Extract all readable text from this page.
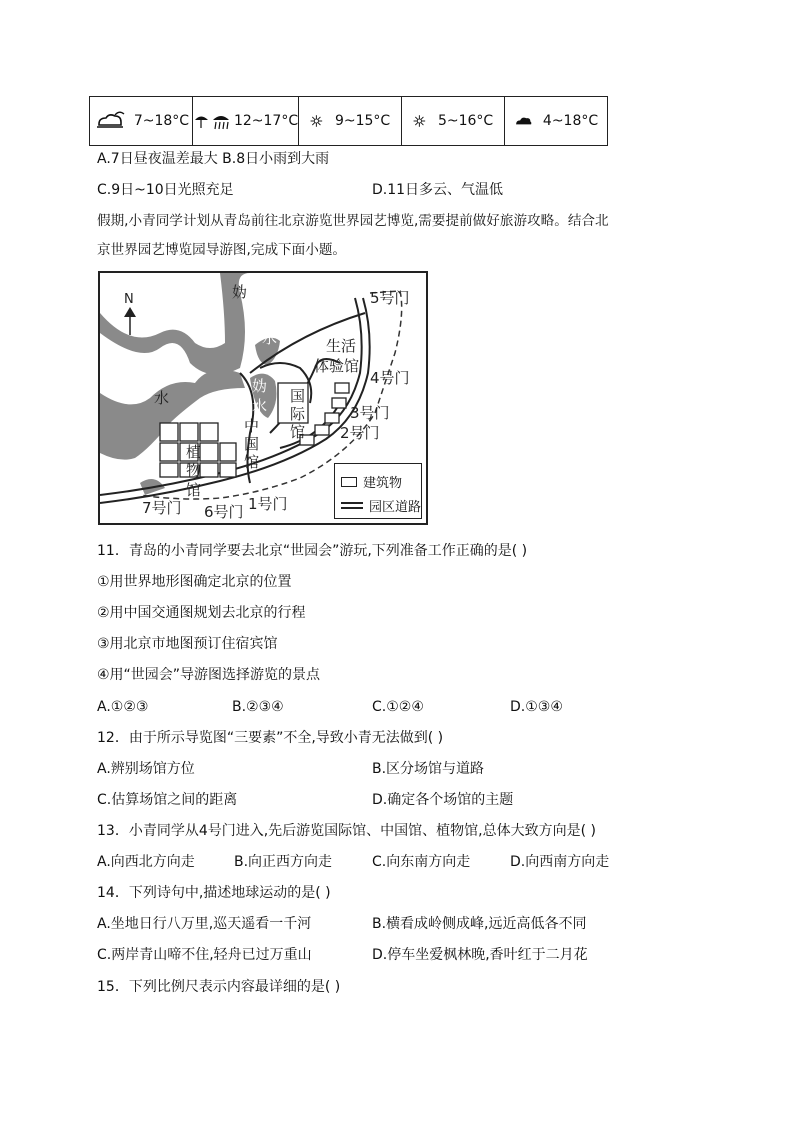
7~18°C	12~17°C	9~15°C	5~16°C	4~18°C
A.7日昼夜温差最大 B.8日小雨到大雨
C.9日~10日光照充足	D.11日多云、气温低
假期,小青同学计划从青岛前往北京游览世界园艺博览,需要提前做好旅游攻略。结合北
京世界园艺博览园导游图,完成下面小题。
N	妫
水
妫
水
妫
水
生活
体验馆
国
际
馆
中
国
馆
植
物
馆
5号门
4号门
3号门
2号门
1号门
6号门
7号门
建筑物
园区道路
11．青岛的小青同学要去北京“世园会”游玩,下列准备工作正确的是( )
①用世界地形图确定北京的位置
②用中国交通图规划去北京的行程
③用北京市地图预订住宿宾馆
④用“世园会”导游图选择游览的景点
A.①②③	B.②③④	C.①②④	D.①③④
12．由于所示导览图“三要素”不全,导致小青无法做到( )
A.辨别场馆方位	B.区分场馆与道路
C.估算场馆之间的距离	D.确定各个场馆的主题
13．小青同学从4号门进入,先后游览国际馆、中国馆、植物馆,总体大致方向是( )
A.向西北方向走	B.向正西方向走	C.向东南方向走	D.向西南方向走
14．下列诗句中,描述地球运动的是( )
A.坐地日行八万里,巡天遥看一千河	B.横看成岭侧成峰,远近高低各不同
C.两岸青山啼不住,轻舟已过万重山	D.停车坐爱枫林晚,香叶红于二月花
15．下列比例尺表示内容最详细的是( )
